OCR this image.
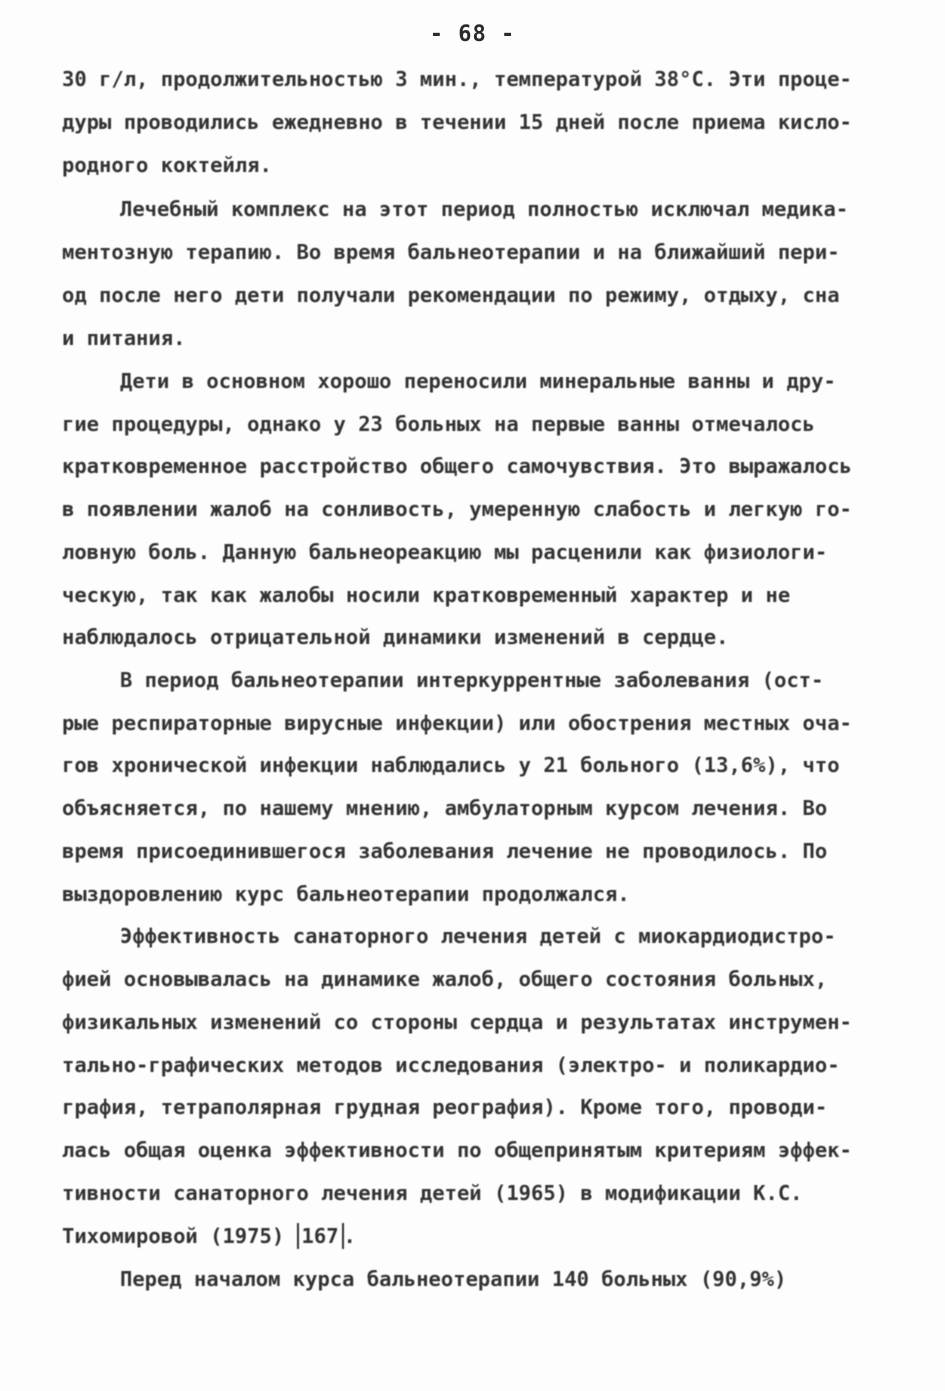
- 68 -
30 г/л, продолжительностью 3 мин., температурой 38°С. Эти проце-
дуры проводились ежедневно в течении 15 дней после приема кисло-
родного коктейля.
Лечебный комплекс на этот период полностью исключал медика-
ментозную терапию. Во время бальнеотерапии и на ближайший пери-
од после него дети получали рекомендации по режиму, отдыху, сна
и питания.
Дети в основном хорошо переносили минеральные ванны и дру-
гие процедуры, однако у 23 больных на первые ванны отмечалось
кратковременное расстройство общего самочувствия. Это выражалось
в появлении жалоб на сонливость, умеренную слабость и легкую го-
ловную боль. Данную бальнеореакцию мы расценили как физиологи-
ческую, так как жалобы носили кратковременный характер и не
наблюдалось отрицательной динамики изменений в сердце.
В период бальнеотерапии интеркуррентные заболевания (ост-
рые респираторные вирусные инфекции) или обострения местных оча-
гов хронической инфекции наблюдались у 21 больного (13,6%), что
объясняется, по нашему мнению, амбулаторным курсом лечения. Во
время присоединившегося заболевания лечение не проводилось. По
выздоровлению курс бальнеотерапии продолжался.
Эффективность санаторного лечения детей с миокардиодистро-
фией основывалась на динамике жалоб, общего состояния больных,
физикальных изменений со стороны сердца и результатах инструмен-
тально-графических методов исследования (электро- и поликардио-
графия, тетраполярная грудная реография). Кроме того, проводи-
лась общая оценка эффективности по общепринятым критериям эффек-
тивности санаторного лечения детей (1965) в модификации К.С.
Тихомировой (1975) 167 .
Перед началом курса бальнеотерапии 140 больных (90,9%)
